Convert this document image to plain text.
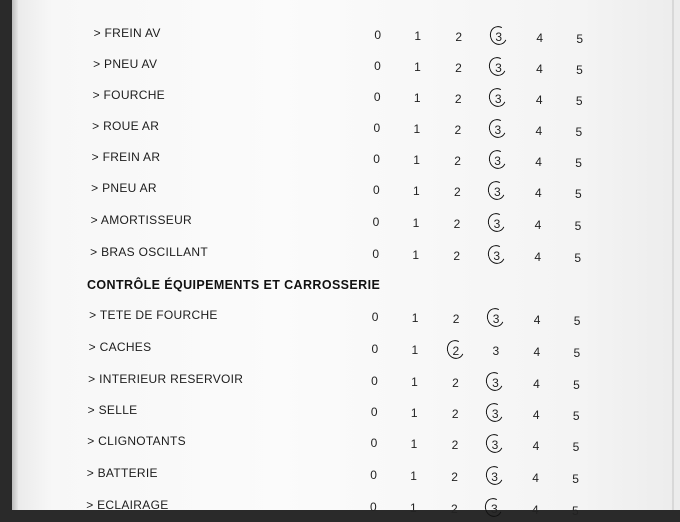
> FREIN AV	0	1	2	3	4	5
> PNEU AV	0	1	2	3	4	5
> FOURCHE	0	1	2	3	4	5
> ROUE AR	0	1	2	3	4	5
> FREIN AR	0	1	2	3	4	5
> PNEU AR	0	1	2	3	4	5
> AMORTISSEUR	0	1	2	3	4	5
> BRAS OSCILLANT	0	1	2	3	4	5
> TETE DE FOURCHE	0	1	2	3	4	5
> CACHES	0	1	2	3	4	5
> INTERIEUR RESERVOIR	0	1	2	3	4	5
> SELLE	0	1	2	3	4	5
> CLIGNOTANTS	0	1	2	3	4	5
> BATTERIE	0	1	2	3	4	5
> ECLAIRAGE	0	1	2	3	4	5
CONTRÔLE ÉQUIPEMENTS ET CARROSSERIE
